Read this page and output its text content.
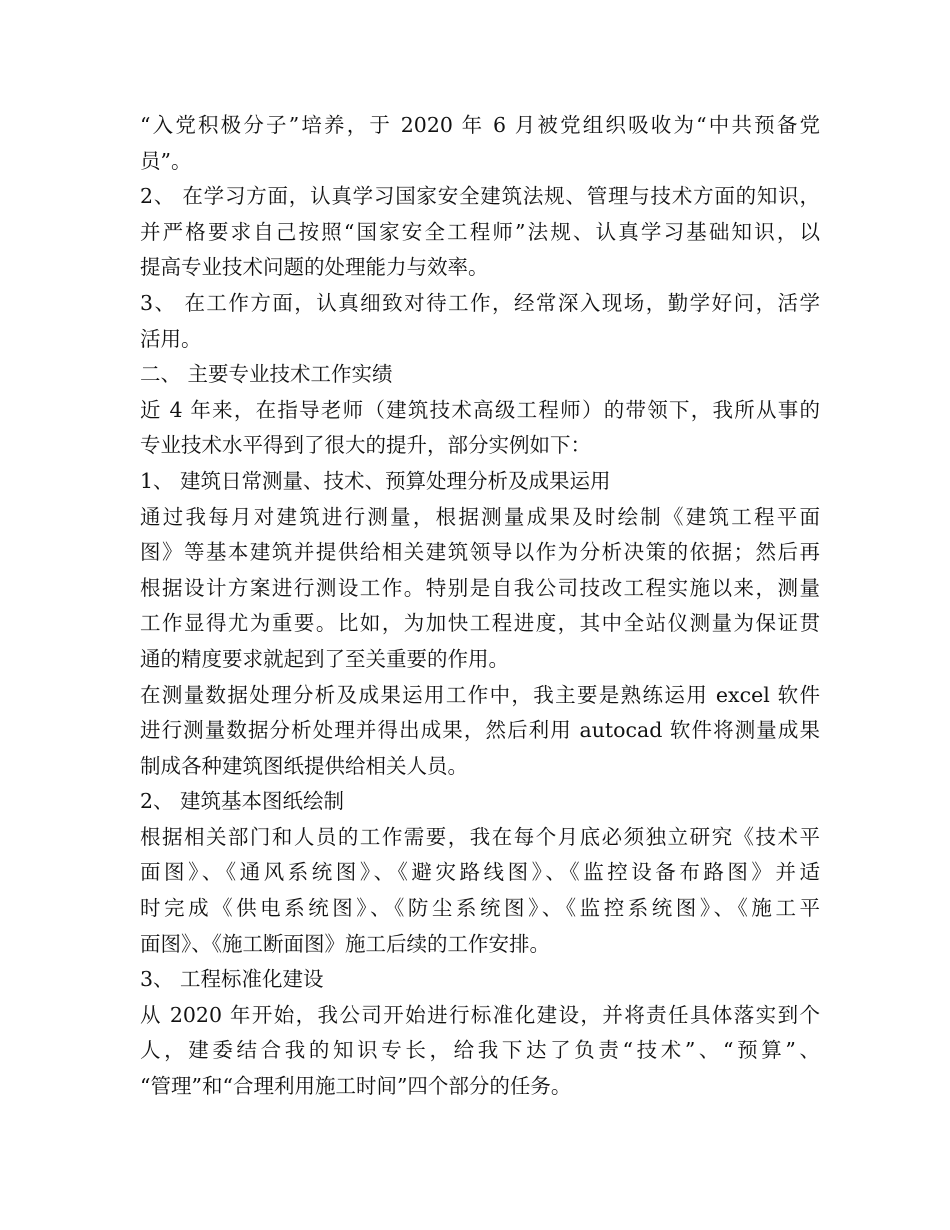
“入党积极分子”培养，于 2020 年 6 月被党组织吸收为“中共预备党
员”。
2、 在学习方面，认真学习国家安全建筑法规、管理与技术方面的知识，
并严格要求自己按照“国家安全工程师”法规、认真学习基础知识，以
提高专业技术问题的处理能力与效率。
3、 在工作方面，认真细致对待工作，经常深入现场，勤学好问，活学
活用。
二、 主要专业技术工作实绩
近 4 年来，在指导老师（建筑技术高级工程师）的带领下，我所从事的
专业技术水平得到了很大的提升，部分实例如下：
1、 建筑日常测量、技术、预算处理分析及成果运用
通过我每月对建筑进行测量，根据测量成果及时绘制《建筑工程平面
图》等基本建筑并提供给相关建筑领导以作为分析决策的依据；然后再
根据设计方案进行测设工作。特别是自我公司技改工程实施以来，测量
工作显得尤为重要。比如，为加快工程进度，其中全站仪测量为保证贯
通的精度要求就起到了至关重要的作用。
在测量数据处理分析及成果运用工作中，我主要是熟练运用 excel 软件
进行测量数据分析处理并得出成果，然后利用 autocad 软件将测量成果
制成各种建筑图纸提供给相关人员。
2、 建筑基本图纸绘制
根据相关部门和人员的工作需要，我在每个月底必须独立研究《技术平
面图》、《通风系统图》、《避灾路线图》、《监控设备布路图》并适
时完成《供电系统图》、《防尘系统图》、《监控系统图》、《施工平
面图》、《施工断面图》施工后续的工作安排。
3、 工程标准化建设
从 2020 年开始，我公司开始进行标准化建设，并将责任具体落实到个
人，建委结合我的知识专长，给我下达了负责“技术”、“预算”、
“管理”和“合理利用施工时间”四个部分的任务。
